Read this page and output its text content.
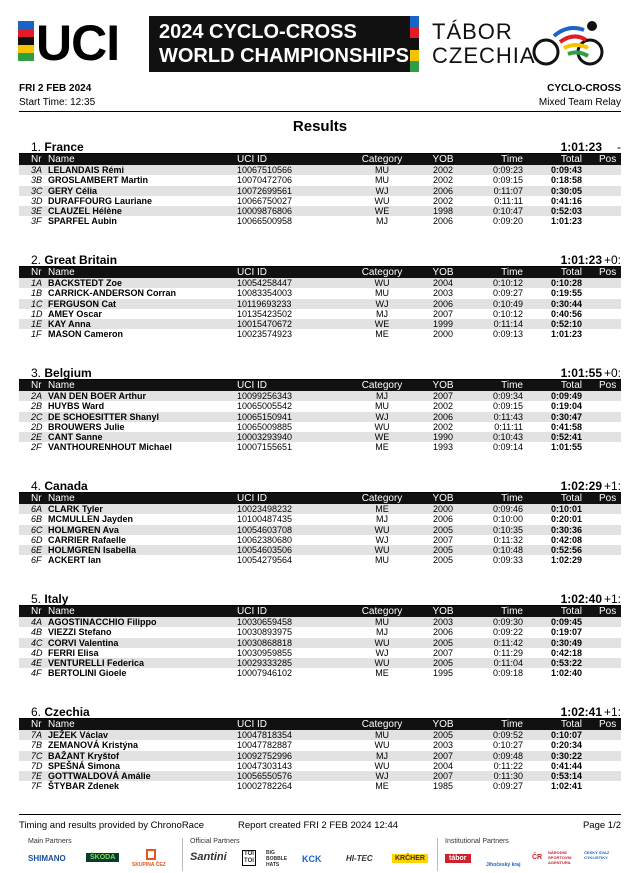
UCI 2024 CYCLO-CROSS
WORLD CHAMPIONSHIPS
TÁBOR
CZECHIA
FRI 2 FEB 2024
Start Time: 12:35
CYCLO-CROSS
Mixed Team Relay
Results
1. France	1:01:23 -
Nr Name	UCI ID	Category	YOB	Time	Total Pos
3A LELANDAIS Rémi	10067510566	MU	2002	0:09:23	0:09:43
3B GROSLAMBERT Martin	10070472706	MU	2002	0:09:15	0:18:58
3C GERY Célia	10072699561	WJ	2006	0:11:07	0:30:05
3D DURAFFOURG Lauriane	10066750027	WU	2002	0:11:11	0:41:16
3E CLAUZEL Hélène	10009876806	WE	1998	0:10:47	0:52:03
3F SPARFEL Aubin	10066500958	MJ	2006	0:09:20	1:01:23
2. Great Britain	1:01:23 +0:
Nr Name	UCI ID	Category	YOB	Time	Total Pos
1A BACKSTEDT Zoe	10054258447	WU	2004	0:10:12	0:10:28
1B CARRICK-ANDERSON Corran	10083354003	MU	2003	0:09:27	0:19:55
1C FERGUSON Cat	10119693233	WJ	2006	0:10:49	0:30:44
1D AMEY Oscar	10135423502	MJ	2007	0:10:12	0:40:56
1E KAY Anna	10015470672	WE	1999	0:11:14	0:52:10
1F MASON Cameron	10023574923	ME	2000	0:09:13	1:01:23
3. Belgium	1:01:55 +0:
Nr Name	UCI ID	Category	YOB	Time	Total Pos
2A VAN DEN BOER Arthur	10099256343	MJ	2007	0:09:34	0:09:49
2B HUYBS Ward	10065005542	MU	2002	0:09:15	0:19:04
2C DE SCHOESITTER Shanyl	10065150941	WJ	2006	0:11:43	0:30:47
2D BROUWERS Julie	10065009885	WU	2002	0:11:11	0:41:58
2E CANT Sanne	10003293940	WE	1990	0:10:43	0:52:41
2F VANTHOURENHOUT Michael	10007155651	ME	1993	0:09:14	1:01:55
4. Canada	1:02:29 +1:
Nr Name	UCI ID	Category	YOB	Time	Total Pos
6A CLARK Tyler	10023498232	ME	2000	0:09:46	0:10:01
6B MCMULLEN Jayden	10100487435	MJ	2006	0:10:00	0:20:01
6C HOLMGREN Ava	10054603708	WU	2005	0:10:35	0:30:36
6D CARRIER Rafaelle	10062380680	WJ	2007	0:11:32	0:42:08
6E HOLMGREN Isabella	10054603506	WU	2005	0:10:48	0:52:56
6F ACKERT Ian	10054279564	MU	2005	0:09:33	1:02:29
5. Italy	1:02:40 +1:
Nr Name	UCI ID	Category	YOB	Time	Total Pos
4A AGOSTINACCHIO Filippo	10030659458	MU	2003	0:09:30	0:09:45
4B VIEZZI Stefano	10030893975	MJ	2006	0:09:22	0:19:07
4C CORVI Valentina	10030868818	WU	2005	0:11:42	0:30:49
4D FERRI Elisa	10030959855	WJ	2007	0:11:29	0:42:18
4E VENTURELLI Federica	10029333285	WU	2005	0:11:04	0:53:22
4F BERTOLINI Gioele	10007946102	ME	1995	0:09:18	1:02:40
6. Czechia	1:02:41 +1:
Nr Name	UCI ID	Category	YOB	Time	Total Pos
7A JEŽEK Václav	10047818354	MU	2005	0:09:52	0:10:07
7B ZEMANOVÁ Kristýna	10047782887	WU	2003	0:10:27	0:20:34
7C BAŽANT Kryštof	10092752996	MJ	2007	0:09:48	0:30:22
7D SPEŠNÁ Simona	10047303143	WU	2004	0:11:22	0:41:44
7E GOTTWALDOVÁ Amálie	10056550576	WJ	2007	0:11:30	0:53:14
7F ŠTYBAR Zdenek	10002782264	ME	1985	0:09:27	1:02:41
Timing and results provided by ChronoRace	Report created FRI 2 FEB 2024 12:44	Page 1/2
Main Partners	Official Partners	Institutional Partners
SHIMANO	ŠKODA
SKUPINA ČEZ
Santini	TOI TOI
BIG BOBBLE HATS
KCK	HI-TEC	KRČHER	tábor
Jihočeský kraj
ČR
NÁRODNÍ SPORTOVNÍ AGENTURA
ČESKÝ SVAZ CYKLISTIKY
